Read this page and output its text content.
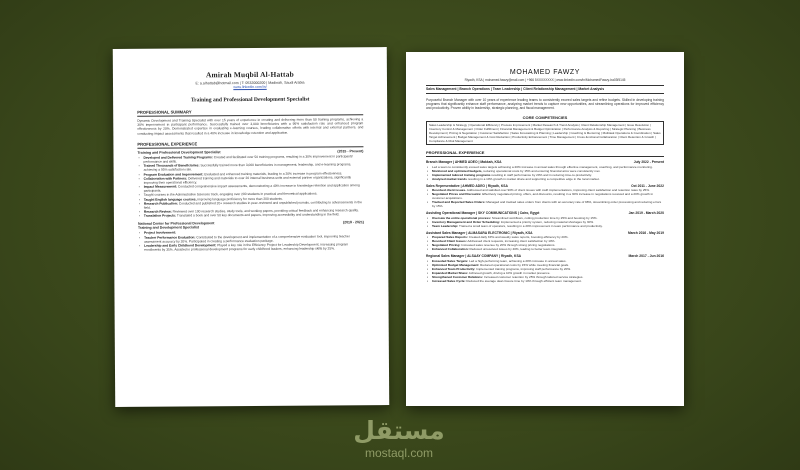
Amirah Muqbil Al-Hattab
E: a.alhattab@hotmail.com | T: 0532000200 | Madinah, Saudi Arabia
www.linkedin.com/in/
Training and Professional Development Specialist
PROFESSIONAL SUMMARY
Dynamic Development and Training Specialist with over 15 years of experience in creating and delivering more than 50 training programs, achieving a 30% improvement in participant performance. Successfully trained over 3,000 beneficiaries with a 95% satisfaction rate and enhanced program effectiveness by 20%. Demonstrated expertise in evaluating e-learning courses, leading collaborative efforts with internal and external partners, and conducting impact assessments that resulted in a 40% increase in knowledge retention and application.
PROFESSIONAL EXPERIENCE
Training and Professional Development Specialist	(2015 - Present)
▪ Developed and Delivered Training Programs: Created and facilitated over 50 training programs, resulting in a 30% improvement in participants' performance and skills.
▪ Trained Thousands of Beneficiaries: Successfully trained more than 3,000 beneficiaries in management, leadership, and e-learning programs, achieving a 95% satisfaction rate.
▪ Program Evaluation and Improvement: Evaluated and enhanced training materials, leading to a 20% increase in program effectiveness.
▪ Collaboration with Partners: Delivered training and materials to over 20 internal business units and external partner organizations, significantly improving their operational efficiency.
▪ Impact Measurement: Conducted comprehensive impact assessments, demonstrating a 40% increase in knowledge retention and application among participants.
▪ Taught courses in the Administrative Sciences track, engaging over 200 students in practical and theoretical applications.
▪ Taught English language courses, improving language proficiency for more than 200 students.
▪ Research Publication: Conducted and published 20+ research studies in peer-reviewed and unpublished journals, contributing to advancements in the field.
▪ Research Review: Reviewed over 100 research studies, study tools, and working papers, providing critical feedback and enhancing research quality.
▪ Translation Projects: Translated a book and over 50 key documents and papers, improving accessibility and understanding in the field.
National Center for Professional Development	(2019 - 2021)
Training and Development Specialist
▪ Project Involvement:
▪ Teacher Performance Evaluation: Contributed to the development and implementation of a comprehensive evaluation tool, improving teacher assessment accuracy by 20%. Participated in creating a performance evaluation package.
▪ Leadership and Early Childhood Development: Played a key role in the Efficiency Project for Leadership Development, increasing program enrollments by 35%. Assisted in professional development programs for early childhood leaders, enhancing leadership skills by 25%.
MOHAMED FAWZY
Riyadh, KSA | mohamed.fawzy@mail.com | +966 5XXXXXXXX | www.linkedin.com/in/MohamedFawzy-ba03f5145
Sales Management | Branch Operations | Team Leadership | Client Relationship Management | Market Analysis
Purposeful Branch Manager with over 10 years of experience leading teams to consistently exceed sales targets and refine budgets. Skilled in developing training programs that significantly enhance staff performance, analyzing market trends to capture new opportunities, and streamlining operations for improved efficiency and productivity. Proven ability in leadership, strategic planning, and fiscal management.
CORE COMPETENCIES
Sales Leadership & Strategy | Operational Efficiency | Process Improvement | Market Research & Trend Analysis | Client Relationship Management | Issue Resolution | Inventory Control & Management | Order Fulfillment | Financial Management & Budget Optimization | Performance Analysis & Reporting | Strategic Planning | Business Development | Pricing & Negotiation | Customer Satisfaction | Sales Forecasting & Planning | Leadership | Coaching & Mentoring | Multitask Operations & Coordination | Sales Target Achievement | Budget Management & Cost Reduction | Productivity Enhancement | Time Management | Cross-functional Collaboration | Client Retention & Growth | Compliance & Risk Management
PROFESSIONAL EXPERIENCE
Branch Manager | AHMED ADEO | Makkah, KSA	July 2022 - Present
▪ Led a team to consistently exceed sales targets achieving a 20% increase in annual sales through effective management, coaching, and performance monitoring.
▪ Monitored and optimized budgets, reducing operational costs by 15% and ensuring financial aims were consistently met.
▪ Implemented tailored training programs resulting in staff performance by 20% and in reducing time-to-productivity.
▪ Analyzed market trends resulting in a 10% growth in market share and supporting a competitive edge in the local market.
Sales Representative | AHMED ADEO | Riyadh, KSA	Oct 2011 - June 2022
▪ Resolved client issues. Addressed and satisfied over 90% of client issues with swift implementations, improving client satisfaction and retention rates by 25%.
▪ Negotiated Prices and Discounts: Effectively negotiated pricing, offers, and discounts, resulting in a 30% increase in negotiations received and a 20% growth in customer acquisitions.
▪ Tracked and Reported Sales Orders: Managed and tracked sales orders from clients with an accuracy rate of 98%, streamlining order processing and reducing errors by 15%.
Assisting Operational Manager | SKY COMMUNICATIONS | Cairo, Egypt	Jan 2019 - March 2020
▪ Oversaw the entire operational process: Streamlined workflows, cutting production time by 25% and boosting by 15%.
▪ Inventory Management and Order Scheduling: Implemented a priority system, reducing material shortages by 30%.
▪ Team Leadership: Trained a small team of operators, resulting in a 20% improvement in team performance and productivity.
Assistant Sales Manager | ALMASARA ELECTRONIC | Riyadh, KSA	March 2016 - May 2019
▪ Prepared Sales Reports: Created daily KPIs and weekly sales reports, boosting efficiency by 20%.
▪ Resolved Client Issues: Addressed client requests, increasing client satisfaction by 10%.
▪ Negotiated Pricing: Increased sales revenue by 20% through strong pricing negotiations.
▪ Enhanced Collaboration: Reduced unresolved issues by 40%, leading to better team integration.
Regional Sales Manager | ALSAAY COMPANY | Riyadh, KSA	March 2017 - Jun 2016
▪ Exceeded Sales Targets: Led a high-performing team, achieving a 20% increase in annual sales.
▪ Optimized Budget Management: Reduced operational costs by 15% while meeting financial goals.
▪ Enhanced Team Productivity: Implemented training programs, improving staff performance by 20%.
▪ Expanded Market Share: Achieved growth, driving a 10% growth in market presence.
▪ Strengthened Customer Relations: Increased customer retention by 25% through tailored service strategies.
▪ Increased Sales Cycle: Reduced the average deal closure time by 10% through efficient team management.
مستقل
mostaql.com
